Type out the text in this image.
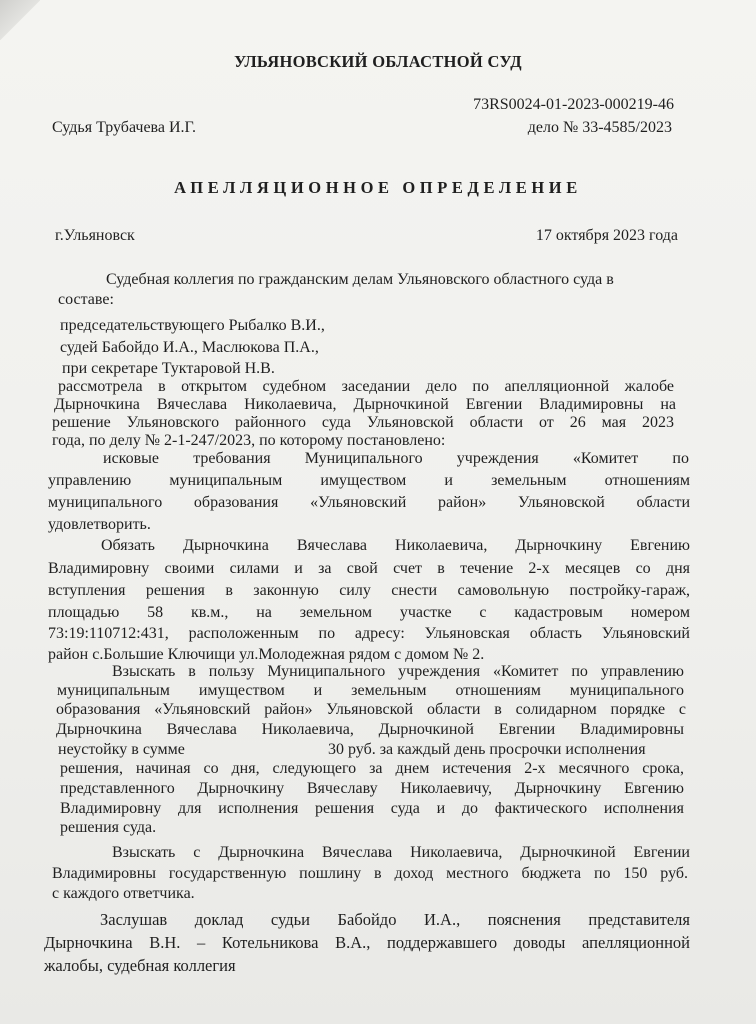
УЛЬЯНОВСКИЙ ОБЛАСТНОЙ СУД
73RS0024-01-2023-000219-46
Судья Трубачева И.Г.	дело № 33-4585/2023
АПЕЛЛЯЦИОННОЕ ОПРЕДЕЛЕНИЕ
г.Ульяновск	17 октября 2023 года
Судебная коллегия по гражданским делам Ульяновского областного суда в
составе:
председательствующего Рыбалко В.И.,
судей Бабойдо И.А., Маслюкова П.А.,
при секретаре Туктаровой Н.В.
рассмотрела в открытом судебном заседании дело по апелляционной жалобе
Дырночкина Вячеслава Николаевича, Дырночкиной Евгении Владимировны на
решение Ульяновского районного суда Ульяновской области от 26 мая 2023
года, по делу № 2-1-247/2023, по которому постановлено:
исковые требования Муниципального учреждения «Комитет по
управлению муниципальным имуществом и земельным отношениям
муниципального образования «Ульяновский район» Ульяновской области
удовлетворить.
Обязать Дырночкина Вячеслава Николаевича, Дырночкину Евгению
Владимировну своими силами и за свой счет в течение 2-х месяцев со дня
вступления решения в законную силу снести самовольную постройку-гараж,
площадью 58 кв.м., на земельном участке с кадастровым номером
73:19:110712:431, расположенным по адресу: Ульяновская область Ульяновский
район с.Большие Ключищи ул.Молодежная рядом с домом № 2.
Взыскать в пользу Муниципального учреждения «Комитет по управлению
муниципальным имуществом и земельным отношениям муниципального
образования «Ульяновский район» Ульяновской области в солидарном порядке с
Дырночкина Вячеслава Николаевича, Дырночкиной Евгении Владимировны
неустойку в сумме	30 руб. за каждый день просрочки исполнения
решения, начиная со дня, следующего за днем истечения 2-х месячного срока,
представленного Дырночкину Вячеславу Николаевичу, Дырночкину Евгению
Владимировну для исполнения решения суда и до фактического исполнения
решения суда.
Взыскать с Дырночкина Вячеслава Николаевича, Дырночкиной Евгении
Владимировны государственную пошлину в доход местного бюджета по 150 руб.
с каждого ответчика.
Заслушав доклад судьи Бабойдо И.А., пояснения представителя
Дырночкина В.Н. – Котельникова В.А., поддержавшего доводы апелляционной
жалобы, судебная коллегия
